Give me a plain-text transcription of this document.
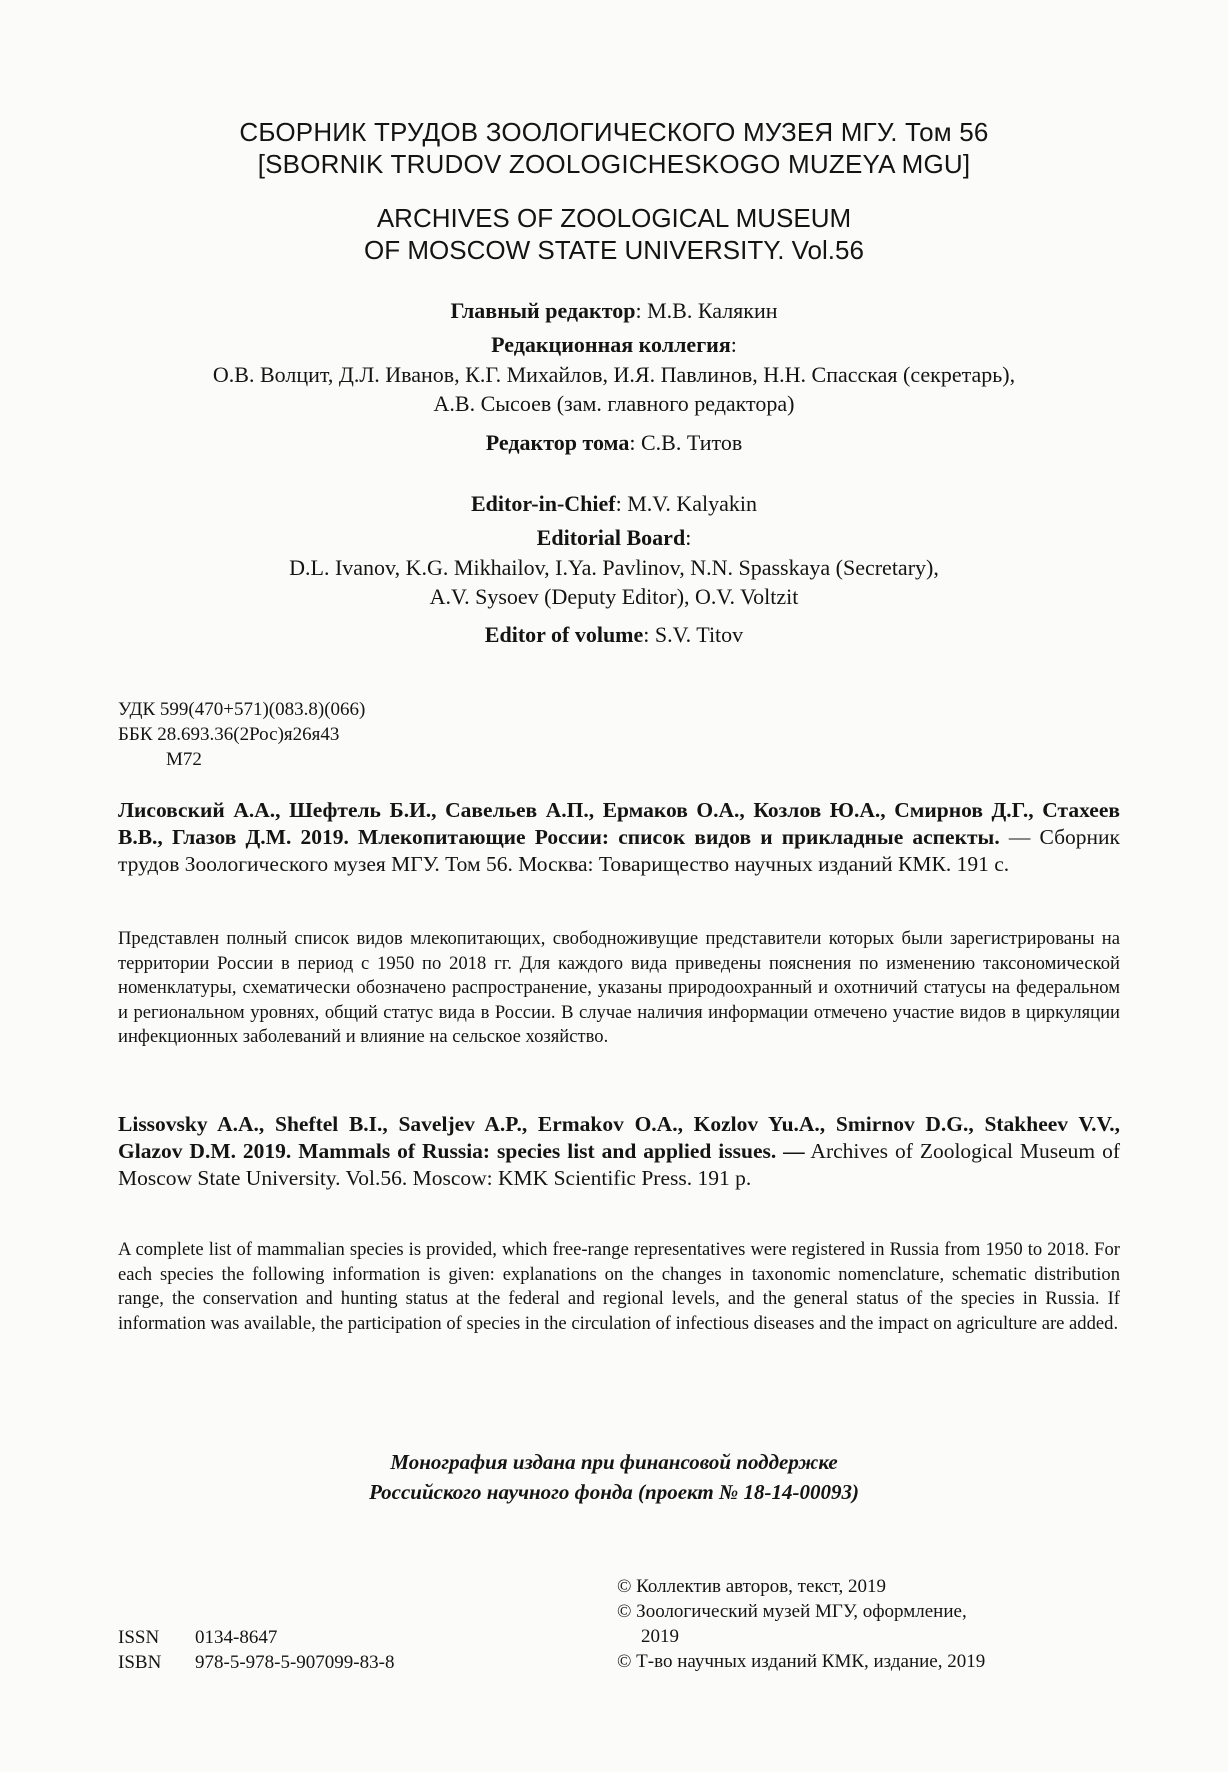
СБОРНИК ТРУДОВ ЗООЛОГИЧЕСКОГО МУЗЕЯ МГУ. Том 56
[SBORNIK TRUDOV ZOOLOGICHESKOGO MUZEYA MGU]
ARCHIVES OF ZOOLOGICAL MUSEUM
OF MOSCOW STATE UNIVERSITY. Vol.56
Главный редактор: М.В. Калякин
Редакционная коллегия:
О.В. Волцит, Д.Л. Иванов, К.Г. Михайлов, И.Я. Павлинов, Н.Н. Спасская (секретарь),
А.В. Сысоев (зам. главного редактора)
Редактор тома: С.В. Титов
Editor-in-Chief: M.V. Kalyakin
Editorial Board:
D.L. Ivanov, K.G. Mikhailov, I.Ya. Pavlinov, N.N. Spasskaya (Secretary),
A.V. Sysoev (Deputy Editor), O.V. Voltzit
Editor of volume: S.V. Titov
УДК 599(470+571)(083.8)(066)
ББК 28.693.36(2Рос)я26я43
М72
Лисовский А.А., Шефтель Б.И., Савельев А.П., Ермаков О.А., Козлов Ю.А., Смирнов Д.Г., Стахеев В.В., Глазов Д.М. 2019. Млекопитающие России: список видов и прикладные аспекты. — Сборник трудов Зоологического музея МГУ. Том 56. Москва: Товарищество научных изданий КМК. 191 с.
Представлен полный список видов млекопитающих, свободноживущие представители которых были зарегистрированы на территории России в период с 1950 по 2018 гг. Для каждого вида приведены пояснения по изменению таксономической номенклатуры, схематически обозначено распространение, указаны природоохранный и охотничий статусы на федеральном и региональном уровнях, общий статус вида в России. В случае наличия информации отмечено участие видов в циркуляции инфекционных заболеваний и влияние на сельское хозяйство.
Lissovsky A.A., Sheftel B.I., Saveljev A.P., Ermakov O.A., Kozlov Yu.A., Smirnov D.G., Stakheev V.V., Glazov D.M. 2019. Mammals of Russia: species list and applied issues. — Archives of Zoological Museum of Moscow State University. Vol.56. Moscow: KMK Scientific Press. 191 p.
A complete list of mammalian species is provided, which free-range representatives were registered in Russia from 1950 to 2018. For each species the following information is given: explanations on the changes in taxonomic nomenclature, schematic distribution range, the conservation and hunting status at the federal and regional levels, and the general status of the species in Russia. If information was available, the participation of species in the circulation of infectious diseases and the impact on agriculture are added.
Монография издана при финансовой поддержке
Российского научного фонда (проект № 18-14-00093)
© Коллектив авторов, текст, 2019
© Зоологический музей МГУ, оформление,
2019
© Т-во научных изданий КМК, издание, 2019
ISSN 0134-8647
ISBN 978-5-978-5-907099-83-8
